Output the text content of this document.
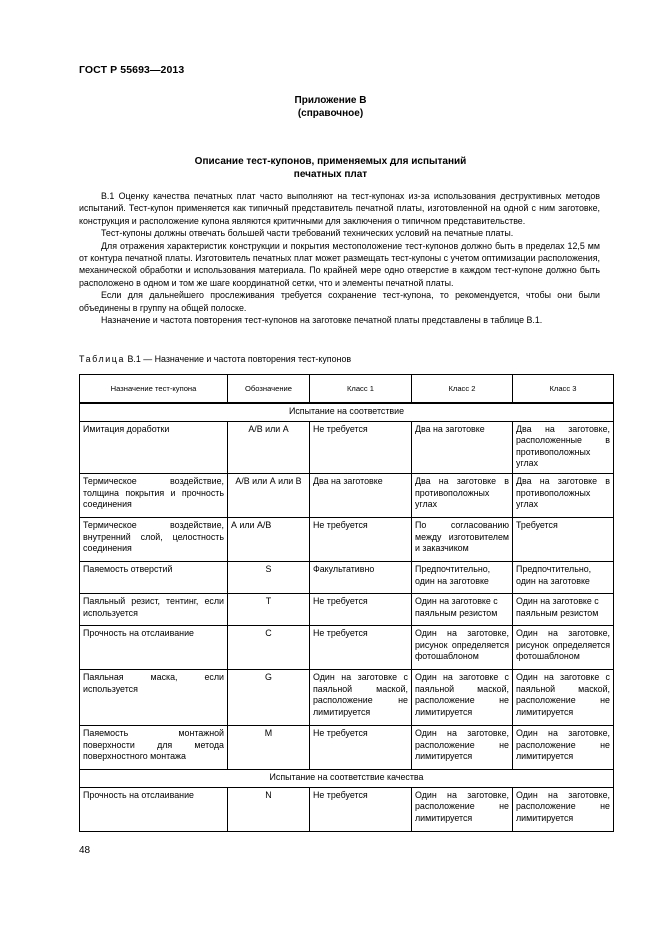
ГОСТ Р 55693—2013
Приложение В
(справочное)
Описание тест-купонов, применяемых для испытаний
печатных плат

В.1 Оценку качества печатных плат часто выполняют на тест-купонах из-за использования деструктивных методов испытаний. Тест-купон применяется как типичный представитель печатной платы, изготовленной на одной с ним заготовке, конструкция и расположение купона являются критичными для заключения о типичном представительстве.

Тест-купоны должны отвечать большей части требований технических условий на печатные платы.

Для отражения характеристик конструкции и покрытия местоположение тест-купонов должно быть в пределах 12,5 мм от контура печатной платы. Изготовитель печатных плат может размещать тест-купоны с учетом оптимизации расположения, механической обработки и использования материала. По крайней мере одно отверстие в каждом тест-купоне должно быть расположено в одном и том же шаге координатной сетки, что и элементы печатной платы.

Если для дальнейшего прослеживания требуется сохранение тест-купона, то рекомендуется, чтобы они были объединены в группу на общей полоске.

Назначение и частота повторения тест-купонов на заготовке печатной платы представлены в таблице В.1.

Таблица В.1 — Назначение и частота повторения тест-купонов
Назначение тест-купона	Обозначение	Класс 1	Класс 2	Класс 3
Испытание на соответствие				
Имитация доработки	А/В или А	Не требуется	Два на заготовке	Два на заготовке, расположенные в противоположных углах
Термическое воздействие, толщина покрытия и прочность соединения	А/В или А или В	Два на заготовке	Два на заготовке в противоположных углах	Два на заготовке в противоположных углах
Термическое воздействие, внутренний слой, целостность соединения	А или А/В	Не требуется	По согласованию между изготовителем и заказчиком	Требуется
Паяемость отверстий	S	Факультативно	Предпочтительно, один на заготовке	Предпочтительно, один на заготовке
Паяльный резист, тентинг, если используется	T	Не требуется	Один на заготовке с паяльным резистом	Один на заготовке с паяльным резистом
Прочность на отслаивание	C	Не требуется	Один на заготовке, рисунок определяется фотошаблоном	Один на заготовке, рисунок определяется фотошаблоном
Паяльная маска, если используется	G	Один на заготовке с паяльной маской, расположение не лимитируется	Один на заготовке с паяльной маской, расположение не лимитируется	Один на заготовке с паяльной маской, расположение не лимитируется
Паяемость монтажной поверхности для метода поверхностного монтажа	M	Не требуется	Один на заготовке, расположение не лимитируется	Один на заготовке, расположение не лимитируется
Испытание на соответствие качества				
Прочность на отслаивание	N	Не требуется	Один на заготовке, расположение не лимитируется	Один на заготовке, расположение не лимитируется
48
